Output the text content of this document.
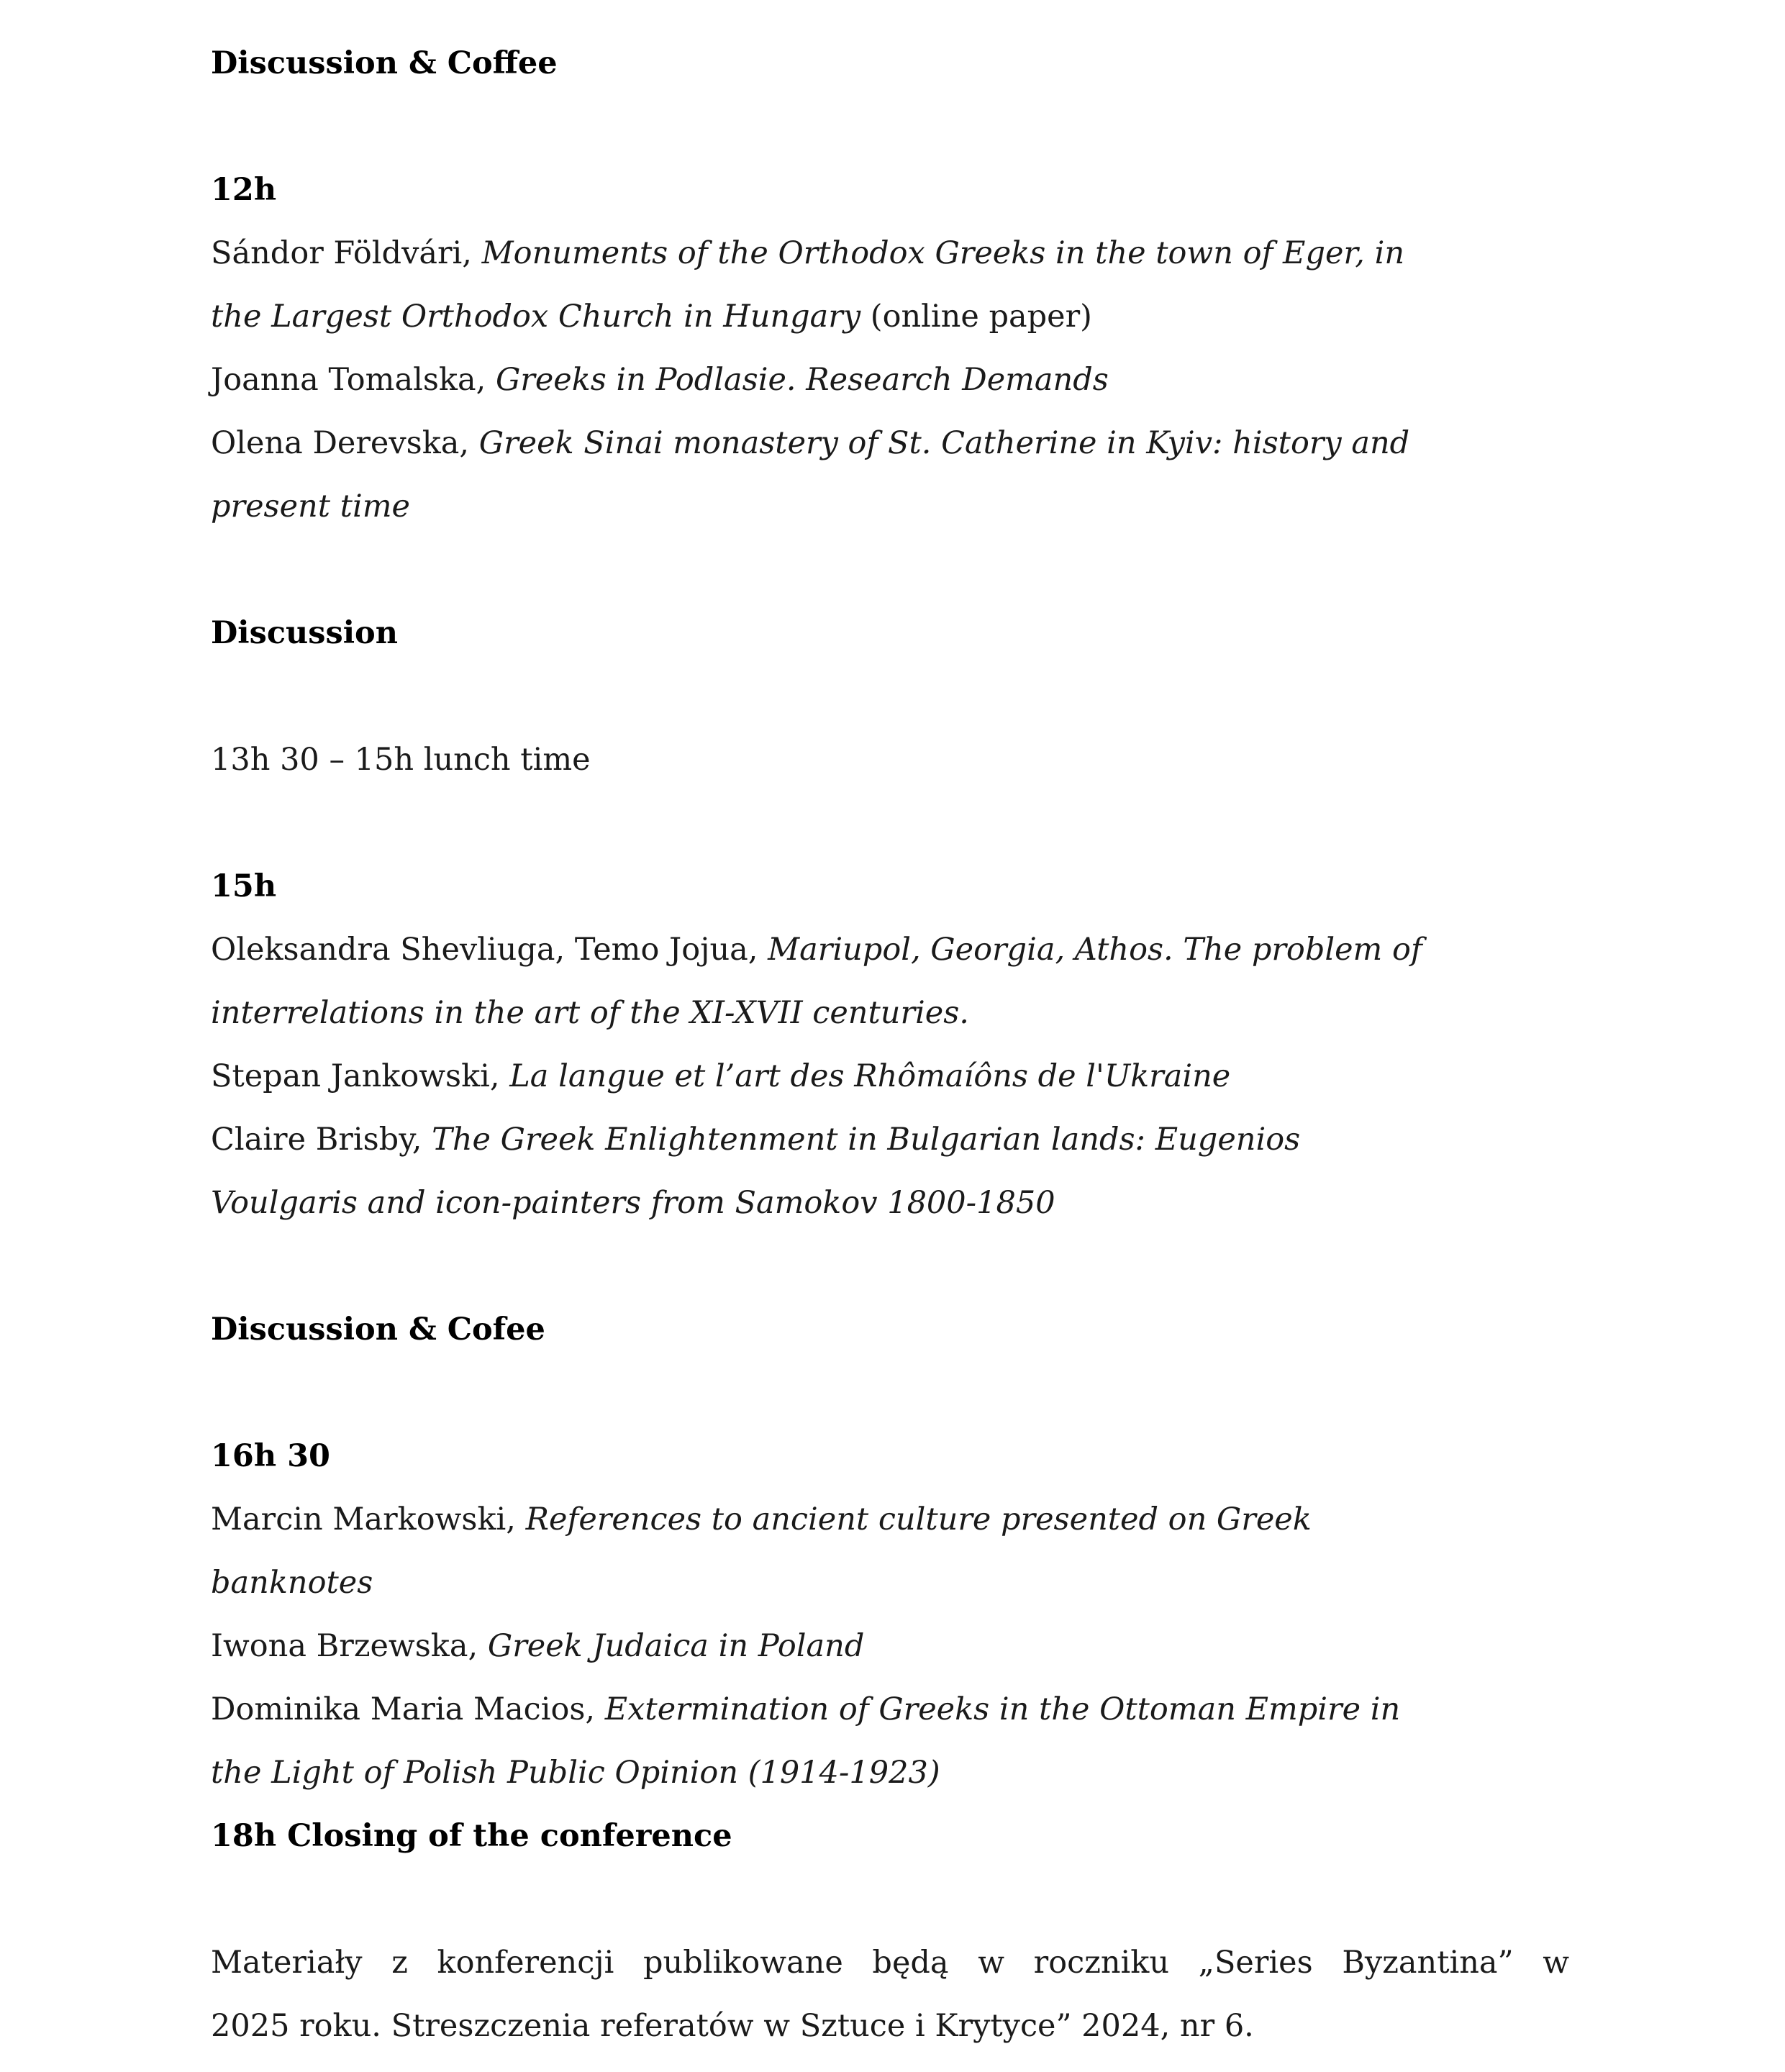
Discussion & Coffee
12h
Sándor Földvári, Monuments of the Orthodox Greeks in the town of Eger, in
the Largest Orthodox Church in Hungary (online paper)
Joanna Tomalska, Greeks in Podlasie. Research Demands
Olena Derevska, Greek Sinai monastery of St. Catherine in Kyiv: history and
present time
Discussion
13h 30 – 15h lunch time
15h
Oleksandra Shevliuga, Temo Jojua, Mariupol, Georgia, Athos. The problem of
interrelations in the art of the XI-XVII centuries.
Stepan Jankowski, La langue et l’art des Rhômaíôns de l'Ukraine
Claire Brisby, The Greek Enlightenment in Bulgarian lands: Eugenios
Voulgaris and icon-painters from Samokov 1800-1850
Discussion & Cofee
16h 30
Marcin Markowski, References to ancient culture presented on Greek
banknotes
Iwona Brzewska, Greek Judaica in Poland
Dominika Maria Macios, Extermination of Greeks in the Ottoman Empire in
the Light of Polish Public Opinion (1914-1923)
18h Closing of the conference
Materiały z konferencji publikowane będą w roczniku „Series Byzantina” w
2025 roku. Streszczenia referatów w Sztuce i Krytyce” 2024, nr 6.
